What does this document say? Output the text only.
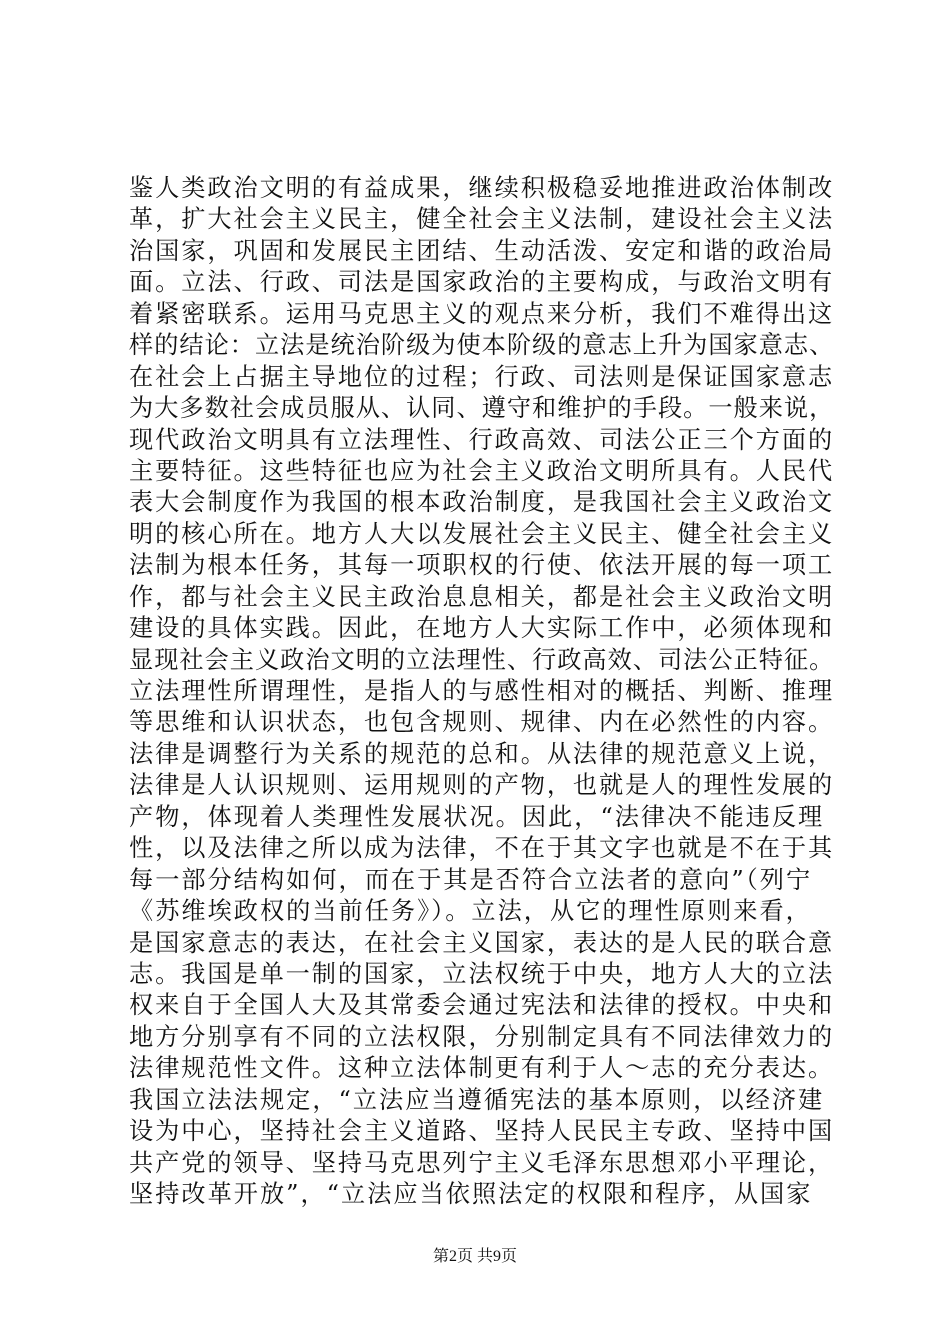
鉴人类政治文明的有益成果，继续积极稳妥地推进政治体制改
革，扩大社会主义民主，健全社会主义法制，建设社会主义法
治国家，巩固和发展民主团结、生动活泼、安定和谐的政治局
面。立法、行政、司法是国家政治的主要构成，与政治文明有
着紧密联系。运用马克思主义的观点来分析，我们不难得出这
样的结论：立法是统治阶级为使本阶级的意志上升为国家意志、
在社会上占据主导地位的过程；行政、司法则是保证国家意志
为大多数社会成员服从、认同、遵守和维护的手段。一般来说，
现代政治文明具有立法理性、行政高效、司法公正三个方面的
主要特征。这些特征也应为社会主义政治文明所具有。人民代
表大会制度作为我国的根本政治制度，是我国社会主义政治文
明的核心所在。地方人大以发展社会主义民主、健全社会主义
法制为根本任务，其每一项职权的行使、依法开展的每一项工
作，都与社会主义民主政治息息相关，都是社会主义政治文明
建设的具体实践。因此，在地方人大实际工作中，必须体现和
显现社会主义政治文明的立法理性、行政高效、司法公正特征。
立法理性所谓理性，是指人的与感性相对的概括、判断、推理
等思维和认识状态，也包含规则、规律、内在必然性的内容。
法律是调整行为关系的规范的总和。从法律的规范意义上说，
法律是人认识规则、运用规则的产物，也就是人的理性发展的
产物，体现着人类理性发展状况。因此，“法律决不能违反理
性，以及法律之所以成为法律，不在于其文字也就是不在于其
每一部分结构如何，而在于其是否符合立法者的意向”（列宁
《苏维埃政权的当前任务》）。立法，从它的理性原则来看，
是国家意志的表达，在社会主义国家，表达的是人民的联合意
志。我国是单一制的国家，立法权统于中央，地方人大的立法
权来自于全国人大及其常委会通过宪法和法律的授权。中央和
地方分别享有不同的立法权限，分别制定具有不同法律效力的
法律规范性文件。这种立法体制更有利于人～志的充分表达。
我国立法法规定，“立法应当遵循宪法的基本原则，以经济建
设为中心，坚持社会主义道路、坚持人民民主专政、坚持中国
共产党的领导、坚持马克思列宁主义毛泽东思想邓小平理论，
坚持改革开放”，“立法应当依照法定的权限和程序，从国家
第2页 共9页
